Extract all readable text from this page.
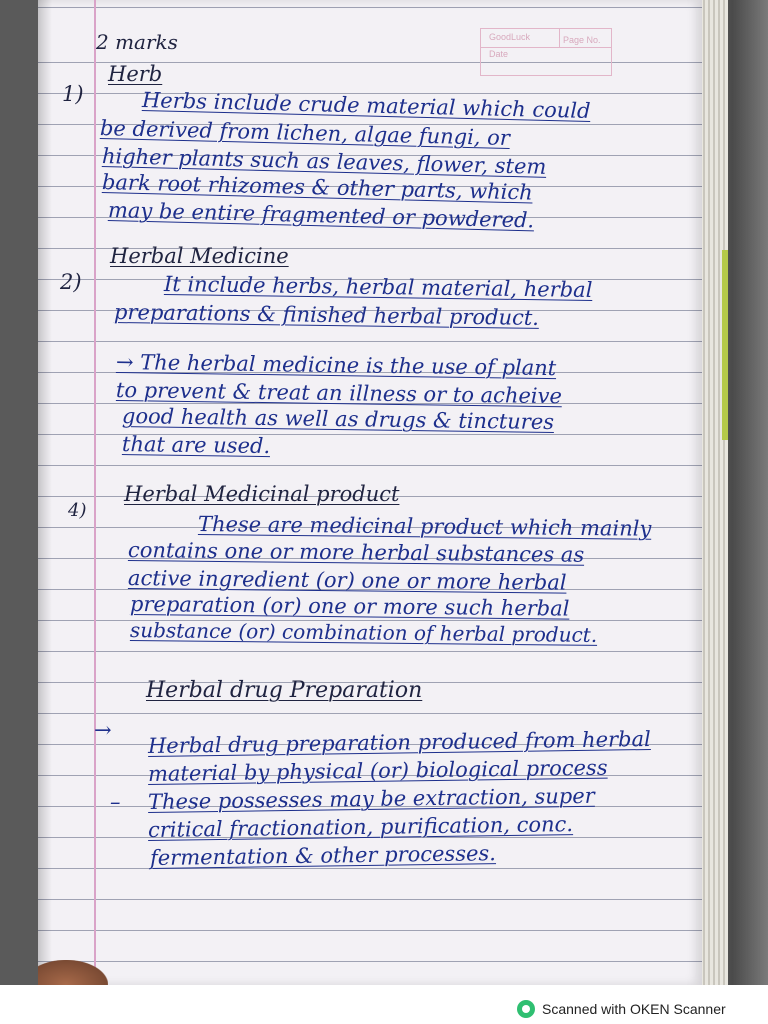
GoodLuck	Page No.
Date
2 marks
1)
Herb
Herbs include crude material which could
be derived from lichen, algae fungi, or
higher plants such as leaves, flower, stem
bark root rhizomes & other parts, which
may be entire fragmented or powdered.
Herbal Medicine
2)	It include herbs, herbal material, herbal
preparations & finished herbal product.
→ The herbal medicine is the use of plant
to prevent & treat an illness or to acheive
good health as well as drugs & tinctures
that are used.
4)
Herbal Medicinal product
These are medicinal product which mainly
contains one or more herbal substances as
active ingredient (or) one or more herbal
preparation (or) one or more such herbal
substance (or) combination of herbal product.
Herbal drug Preparation
→ Herbal drug preparation produced from herbal
material by physical (or) biological process
– These possesses may be extraction, super
critical fractionation, purification, conc.
fermentation & other processes.
Scanned with OKEN Scanner
